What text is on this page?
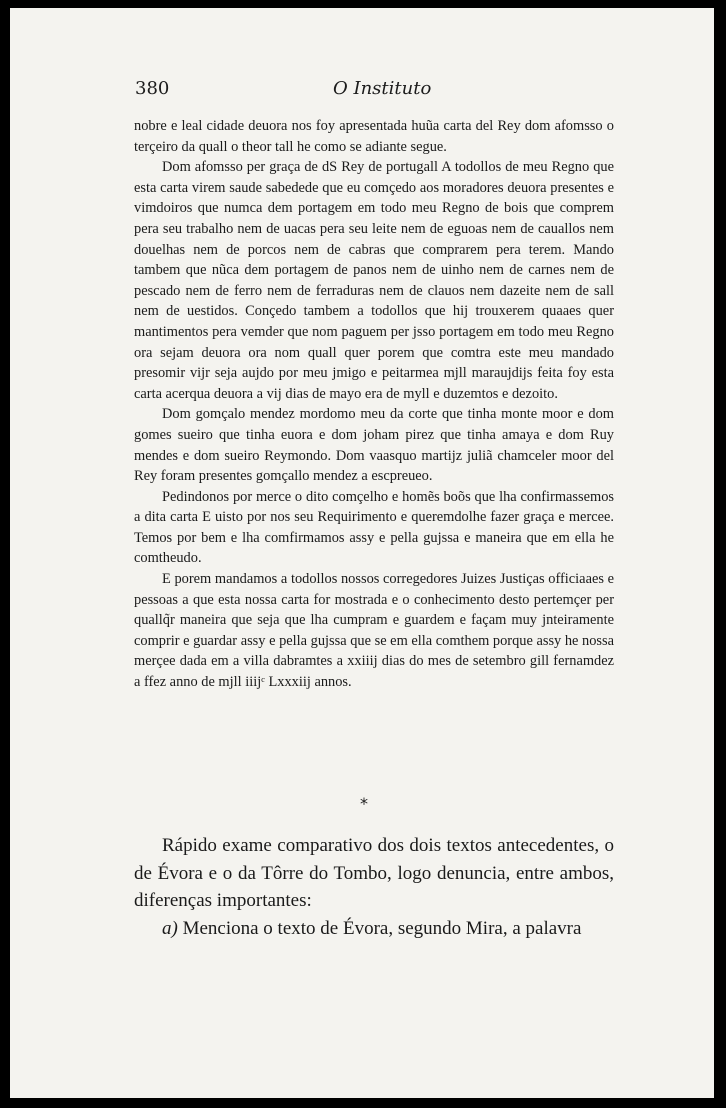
380	O Instituto

nobre e leal cidade deuora nos foy apresentada huũa carta del Rey dom afomsso o terçeiro da quall o theor tall he como se adiante segue.

Dom afomsso per graça de dS Rey de portugall A todollos de meu Regno que esta carta virem saude sabedede que eu comçedo aos moradores deuora presentes e vimdoiros que numca dem portagem em todo meu Regno de bois que comprem pera seu trabalho nem de uacas pera seu leite nem de eguoas nem de cauallos nem douelhas nem de porcos nem de cabras que comprarem pera terem. Mando tambem que nũca dem portagem de panos nem de uinho nem de carnes nem de pescado nem de ferro nem de ferraduras nem de clauos nem dazeite nem de sall nem de uestidos. Conçedo tambem a todollos que hij trouxerem quaaes quer mantimentos pera vemder que nom paguem per jsso portagem em todo meu Regno ora sejam deuora ora nom quall quer porem que comtra este meu mandado presomir vijr seja aujdo por meu jmigo e peitarmea mjll maraujdijs feita foy esta carta acerqua deuora a vij dias de mayo era de myll e duzemtos e dezoito.

Dom gomçalo mendez mordomo meu da corte que tinha monte moor e dom gomes sueiro que tinha euora e dom joham pirez que tinha amaya e dom Ruy mendes e dom sueiro Reymondo. Dom vaasquo martijz juliã chamceler moor del Rey foram presentes gomçallo mendez a escpreueo.

Pedindonos por merce o dito comçelho e homẽs boõs que lha confirmassemos a dita carta E uisto por nos seu Requirimento e queremdolhe fazer graça e mercee. Temos por bem e lha comfirmamos assy e pella gujssa e maneira que em ella he comtheudo.

E porem mandamos a todollos nossos corregedores Juizes Justiças officiaaes e pessoas a que esta nossa carta for mostrada e o conhecimento desto pertemçer per quallq̃r maneira que seja que lha cumpram e guardem e façam muy jnteiramente comprir e guardar assy e pella gujssa que se em ella comthem porque assy he nossa merçee dada em a villa dabramtes a xxiiij dias do mes de setembro gill fernamdez a ffez anno de mjll iiijᶜ Lxxxiij annos.

*

Rápido exame comparativo dos dois textos antecedentes, o de Évora e o da Tôrre do Tombo, logo denuncia, entre ambos, diferenças importantes:

a) Menciona o texto de Évora, segundo Mira, a palavra
